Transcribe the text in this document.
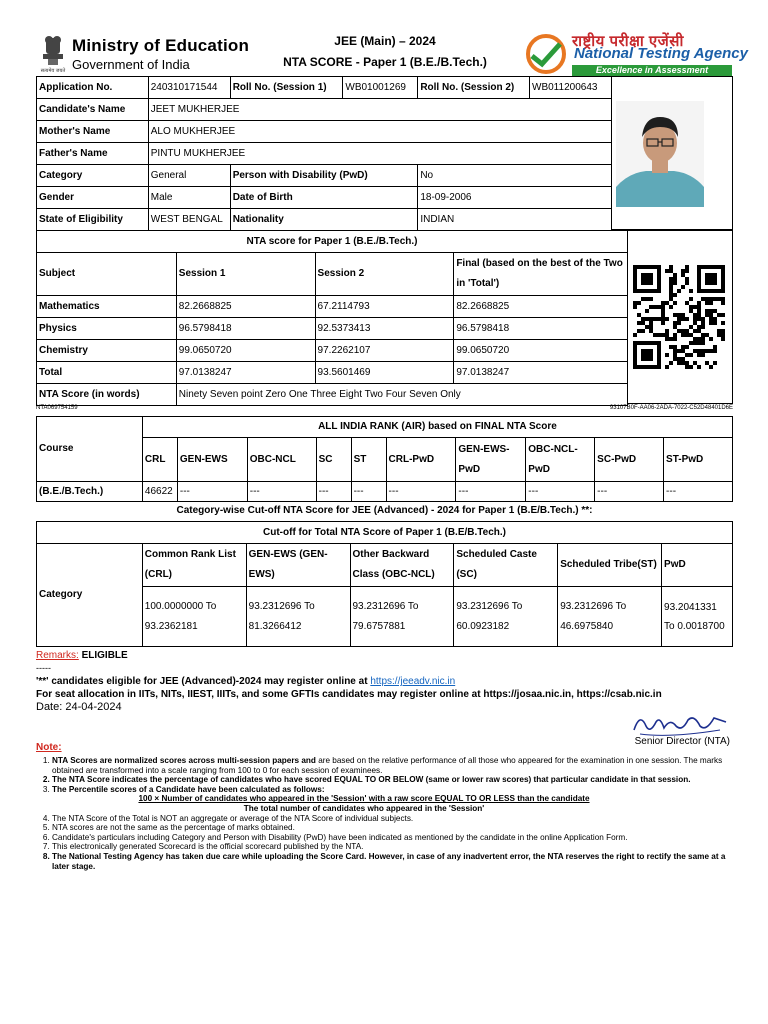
सत्यमेव जयते
Ministry of Education
Government of India
JEE (Main) – 2024
NTA SCORE - Paper 1 (B.E./B.Tech.)
राष्ट्रीय परीक्षा एजेंसी
National Testing Agency
Excellence in Assessment
Application No.	240310171544	Roll No. (Session 1)	WB01001269	Roll No. (Session 2)	WB011200643
Candidate's Name	JEET MUKHERJEE				
Mother's Name	ALO MUKHERJEE				
Father's Name	PINTU MUKHERJEE				
Category	General	Person with Disability (PwD)		No	
Gender	Male	Date of Birth		18-09-2006	
State of Eligibility	WEST BENGAL	Nationality		INDIAN	
NTA score for Paper 1 (B.E./B.Tech.)			
Subject	Session 1	Session 2	Final (based on the best of the Two in 'Total')
Mathematics	82.2668825	67.2114793	82.2668825
Physics	96.5798418	92.5373413	96.5798418
Chemistry	99.0650720	97.2262107	99.0650720
Total	97.0138247	93.5601469	97.0138247
NTA Score (in words)	Ninety Seven point Zero One Three Eight Two Four Seven Only		
NTA069754159	93107B0F-AA06-2ADA-7022-C52D48401D6E
Course	ALL INDIA RANK (AIR) based on FINAL NTA Score									
	CRL	GEN-EWS	OBC-NCL	SC	ST	CRL-PwD	GEN-EWS-PwD	OBC-NCL-PwD	SC-PwD	ST-PwD
(B.E./B.Tech.)	46622	---	---	---	---	---	---	---	---	---
Category-wise Cut-off NTA Score for JEE (Advanced) - 2024 for Paper 1 (B.E/B.Tech.) **:
Cut-off for Total NTA Score of Paper 1 (B.E/B.Tech.)						
Category	Common Rank List (CRL)	GEN-EWS (GEN-EWS)	Other Backward Class (OBC-NCL)	Scheduled Caste (SC)	Scheduled Tribe(ST)	PwD
	100.0000000 To 93.2362181	93.2312696 To 81.3266412	93.2312696 To 79.6757881	93.2312696 To 60.0923182	93.2312696 To 46.6975840	93.2041331 To 0.0018700
Remarks: ELIGIBLE
-----
'**' candidates eligible for JEE (Advanced)-2024 may register online at https://jeeadv.nic.in
For seat allocation in IITs, NITs, IIEST, IIITs, and some GFTIs candidates may register online at https://josaa.nic.in, https://csab.nic.in
Date: 24-04-2024
Senior Director (NTA)
Note:
1. NTA Scores are normalized scores across multi-session papers and are based on the relative performance of all those who appeared for the examination in one session. The marks obtained are transformed into a scale ranging from 100 to 0 for each session of examinees.
2. The NTA Score indicates the percentage of candidates who have scored EQUAL TO OR BELOW (same or lower raw scores) that particular candidate in that session.
3. The Percentile scores of a Candidate have been calculated as follows:
100 × Number of candidates who appeared in the 'Session' with a raw score EQUAL TO OR LESS than the candidate
The total number of candidates who appeared in the 'Session'
4. The NTA Score of the Total is NOT an aggregate or average of the NTA Score of individual subjects.
5. NTA scores are not the same as the percentage of marks obtained.
6. Candidate's particulars including Category and Person with Disability (PwD) have been indicated as mentioned by the candidate in the online Application Form.
7. This electronically generated Scorecard is the official scorecard published by the NTA.
8. The National Testing Agency has taken due care while uploading the Score Card. However, in case of any inadvertent error, the NTA reserves the right to rectify the same at a later stage.
